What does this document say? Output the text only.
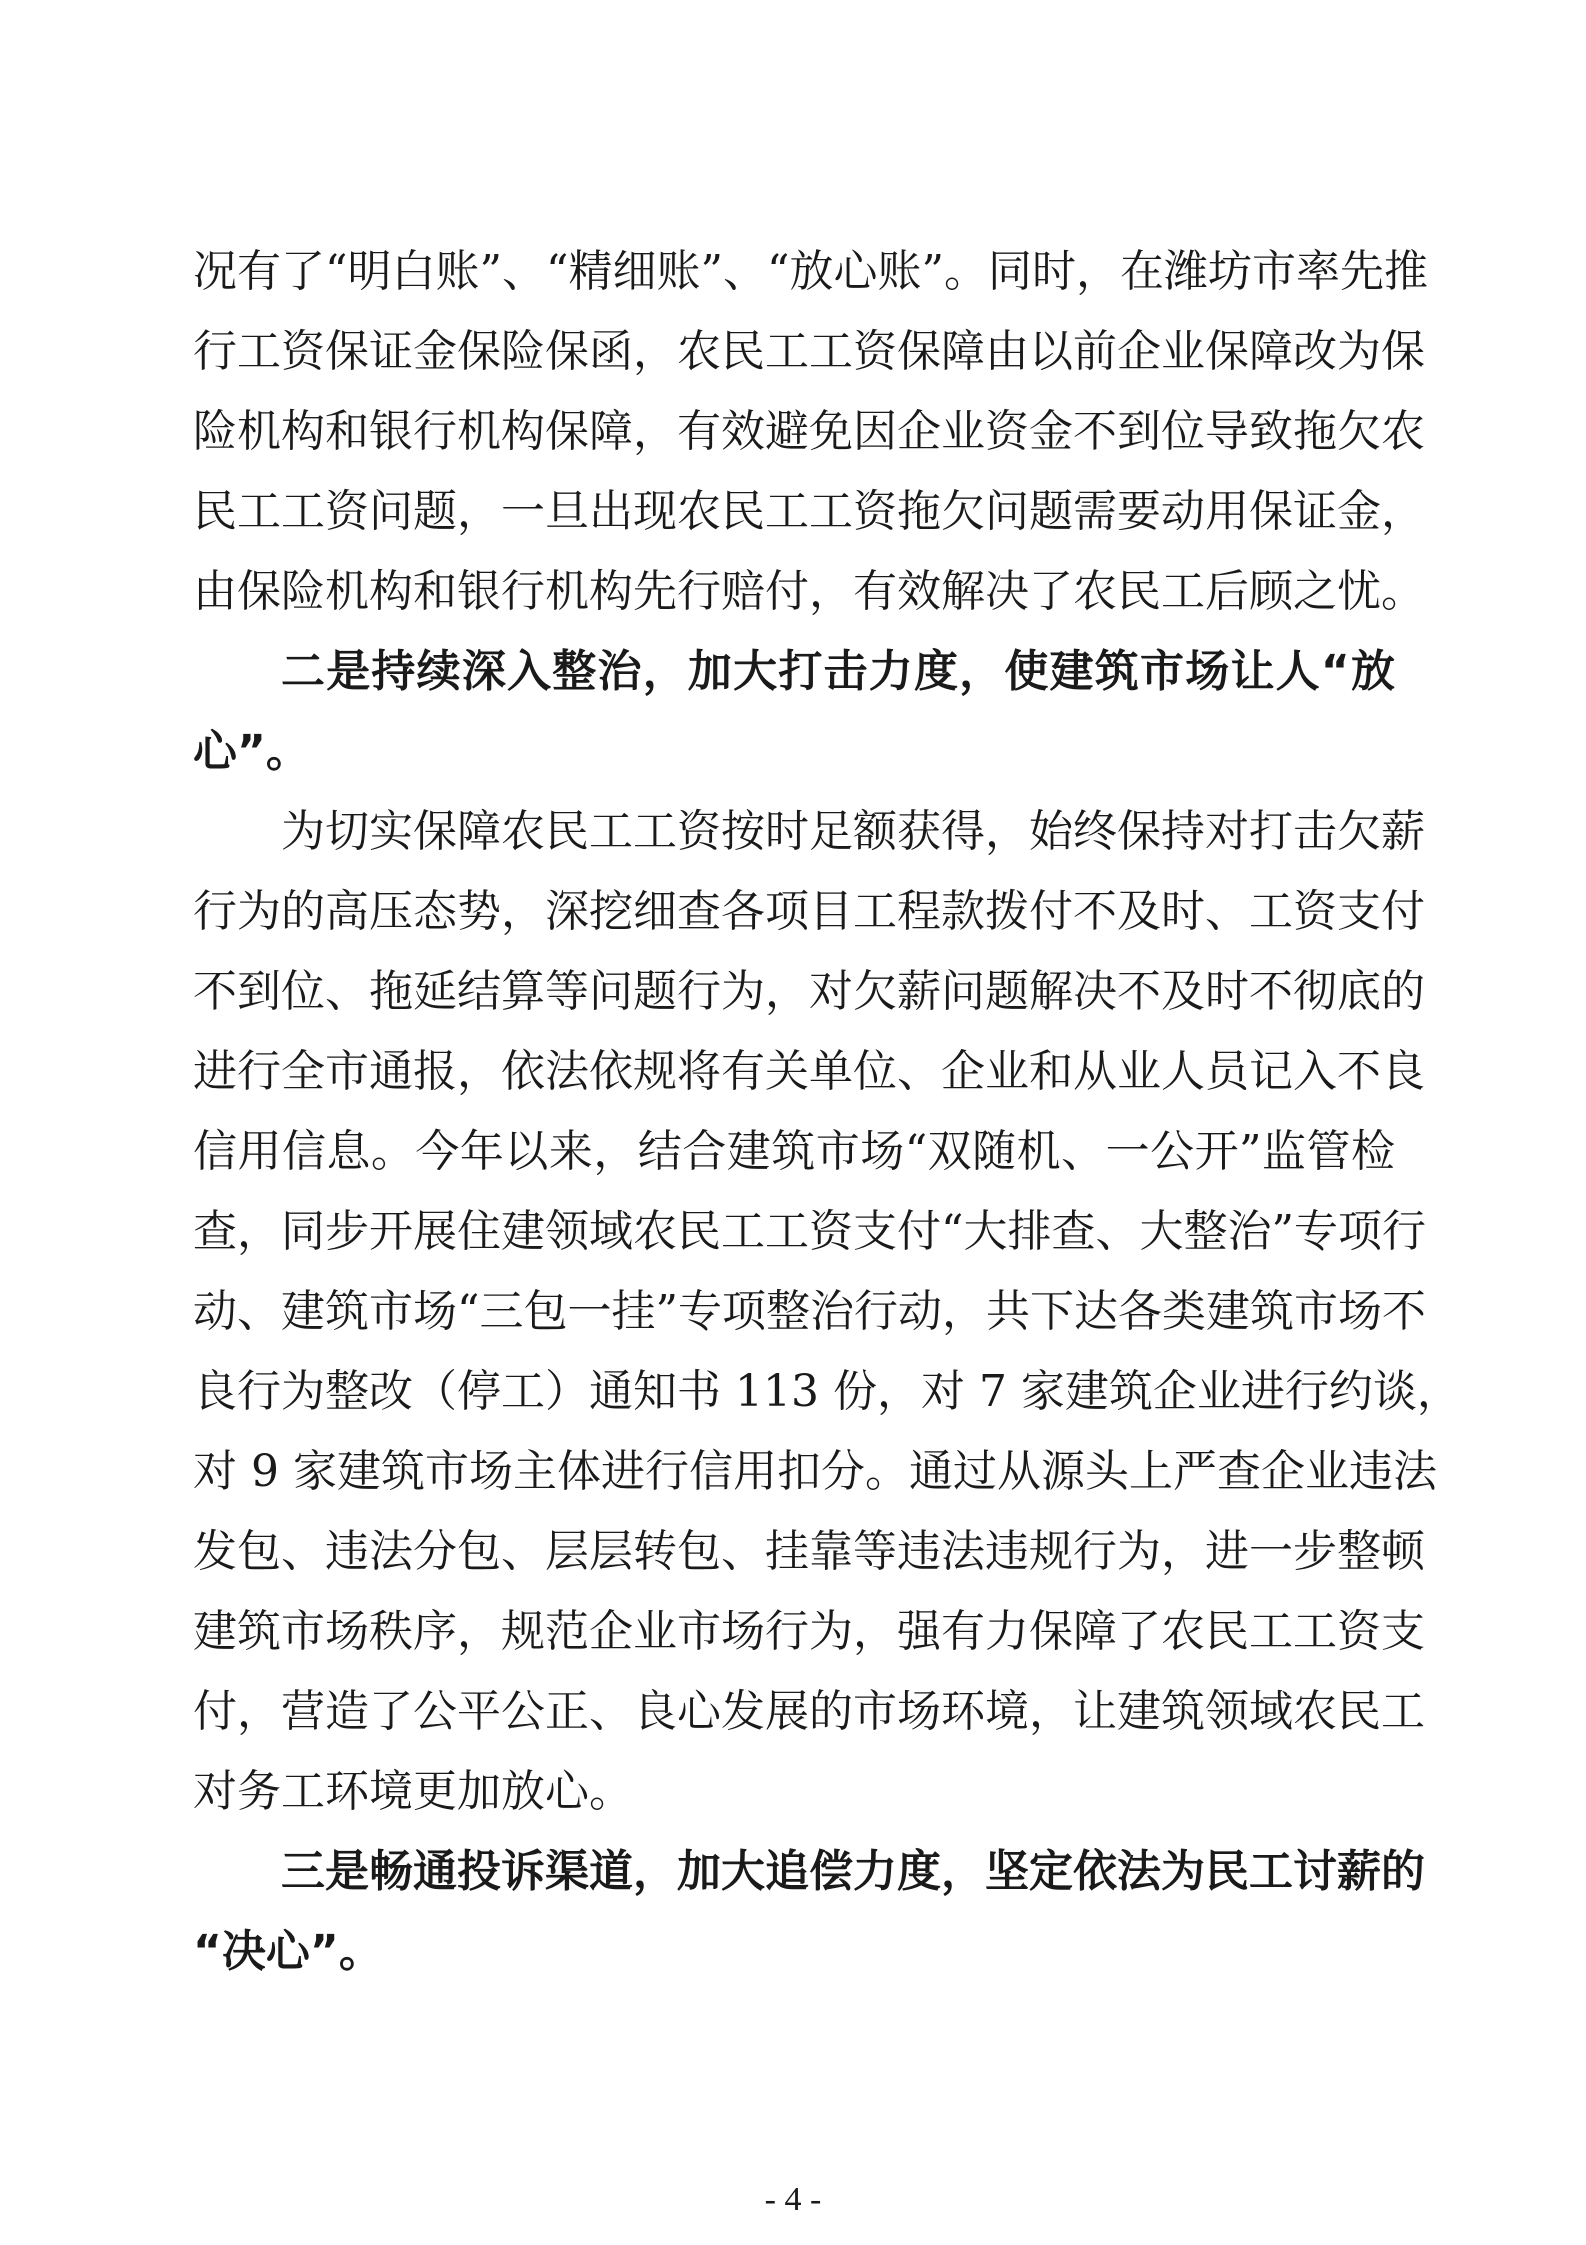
况有了“明白账”、“精细账”、“放心账”。同时，在潍坊市率先推
行工资保证金保险保函，农民工工资保障由以前企业保障改为保
险机构和银行机构保障，有效避免因企业资金不到位导致拖欠农
民工工资问题，一旦出现农民工工资拖欠问题需要动用保证金，
由保险机构和银行机构先行赔付，有效解决了农民工后顾之忧。
二是持续深入整治，加大打击力度，使建筑市场让人“放
心”。
为切实保障农民工工资按时足额获得，始终保持对打击欠薪
行为的高压态势，深挖细查各项目工程款拨付不及时、工资支付
不到位、拖延结算等问题行为，对欠薪问题解决不及时不彻底的
进行全市通报，依法依规将有关单位、企业和从业人员记入不良
信用信息。今年以来，结合建筑市场“双随机、一公开”监管检
查，同步开展住建领域农民工工资支付“大排查、大整治”专项行
动、建筑市场“三包一挂”专项整治行动，共下达各类建筑市场不
良行为整改（停工）通知书 113 份，对 7 家建筑企业进行约谈，
对 9 家建筑市场主体进行信用扣分。通过从源头上严查企业违法
发包、违法分包、层层转包、挂靠等违法违规行为，进一步整顿
建筑市场秩序，规范企业市场行为，强有力保障了农民工工资支
付，营造了公平公正、良心发展的市场环境，让建筑领域农民工
对务工环境更加放心。
三是畅通投诉渠道，加大追偿力度，坚定依法为民工讨薪的
“决心”。
- 4 -
